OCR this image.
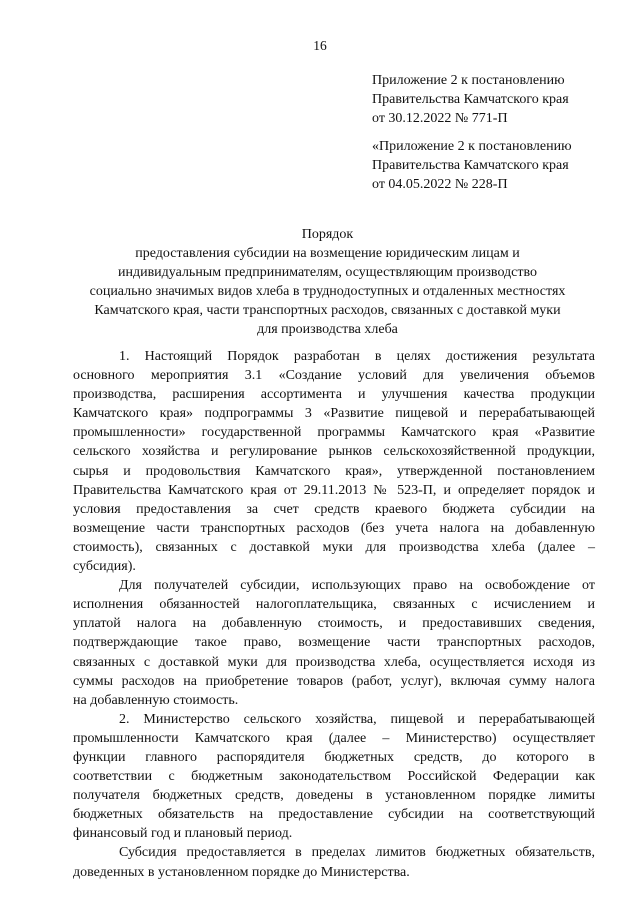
16
Приложение 2 к постановлению
Правительства Камчатского края
от 30.12.2022 № 771-П
«Приложение 2 к постановлению
Правительства Камчатского края
от 04.05.2022 № 228-П
Порядок
предоставления субсидии на возмещение юридическим лицам и
индивидуальным предпринимателям, осуществляющим производство
социально значимых видов хлеба в труднодоступных и отдаленных местностях
Камчатского края, части транспортных расходов, связанных с доставкой муки
для производства хлеба
1. Настоящий Порядок разработан в целях достижения результата
основного мероприятия 3.1 «Создание условий для увеличения объемов
производства, расширения ассортимента и улучшения качества продукции
Камчатского края» подпрограммы 3 «Развитие пищевой и перерабатывающей
промышленности» государственной программы Камчатского края «Развитие
сельского хозяйства и регулирование рынков сельскохозяйственной продукции,
сырья и продовольствия Камчатского края», утвержденной постановлением
Правительства Камчатского края от 29.11.2013 № 523-П, и определяет порядок и
условия предоставления за счет средств краевого бюджета субсидии на
возмещение части транспортных расходов (без учета налога на добавленную
стоимость), связанных с доставкой муки для производства хлеба (далее –
субсидия).
Для получателей субсидии, использующих право на освобождение от
исполнения обязанностей налогоплательщика, связанных с исчислением и
уплатой налога на добавленную стоимость, и предоставивших сведения,
подтверждающие такое право, возмещение части транспортных расходов,
связанных с доставкой муки для производства хлеба, осуществляется исходя из
суммы расходов на приобретение товаров (работ, услуг), включая сумму налога
на добавленную стоимость.
2. Министерство сельского хозяйства, пищевой и перерабатывающей
промышленности Камчатского края (далее – Министерство) осуществляет
функции главного распорядителя бюджетных средств, до которого в
соответствии с бюджетным законодательством Российской Федерации как
получателя бюджетных средств, доведены в установленном порядке лимиты
бюджетных обязательств на предоставление субсидии на соответствующий
финансовый год и плановый период.
Субсидия предоставляется в пределах лимитов бюджетных обязательств,
доведенных в установленном порядке до Министерства.
